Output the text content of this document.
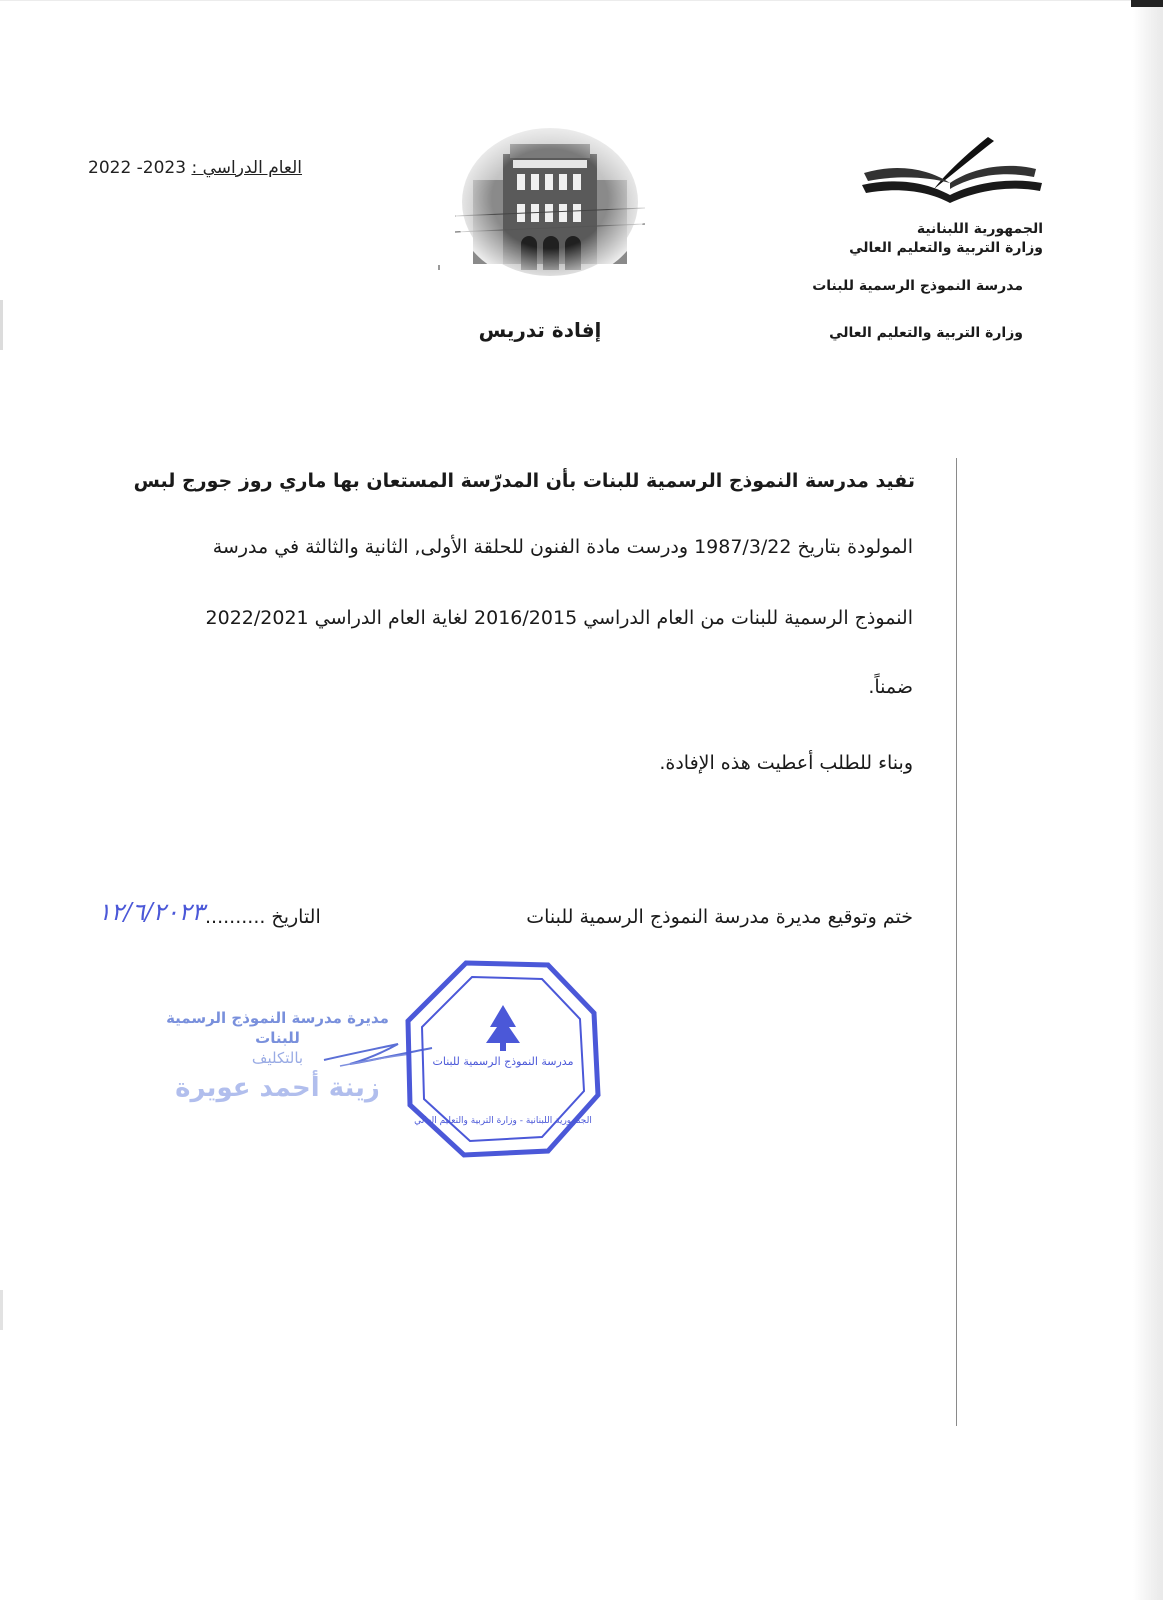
2022 -2023 العام الدراسي :
الجمهورية اللبنانية
وزارة التربية والتعليم العالي
مدرسة النموذج الرسمية للبنات
وزارة التربية والتعليم العالي
إفادة تدريس
تفيد مدرسة النموذج الرسمية للبنات بأن المدرّسة المستعان بها ماري روز جورج لبس
المولودة بتاريخ 1987/3/22 ودرست مادة الفنون للحلقة الأولى, الثانية والثالثة في مدرسة
النموذج الرسمية للبنات من العام الدراسي 2016/2015 لغاية العام الدراسي 2022/2021
ضمناً.
وبناء للطلب أعطيت هذه الإفادة.
ختم وتوقيع مديرة مدرسة النموذج الرسمية للبنات
التاريخ ..........
١٢/٦/٢٠٢٣
مديرة مدرسة النموذج الرسمية للبنات
بالتكليف
زينة أحمد عويرة
مدرسة النموذج الرسمية للبنات
الجمهورية اللبنانية - وزارة التربية والتعليم العالي
